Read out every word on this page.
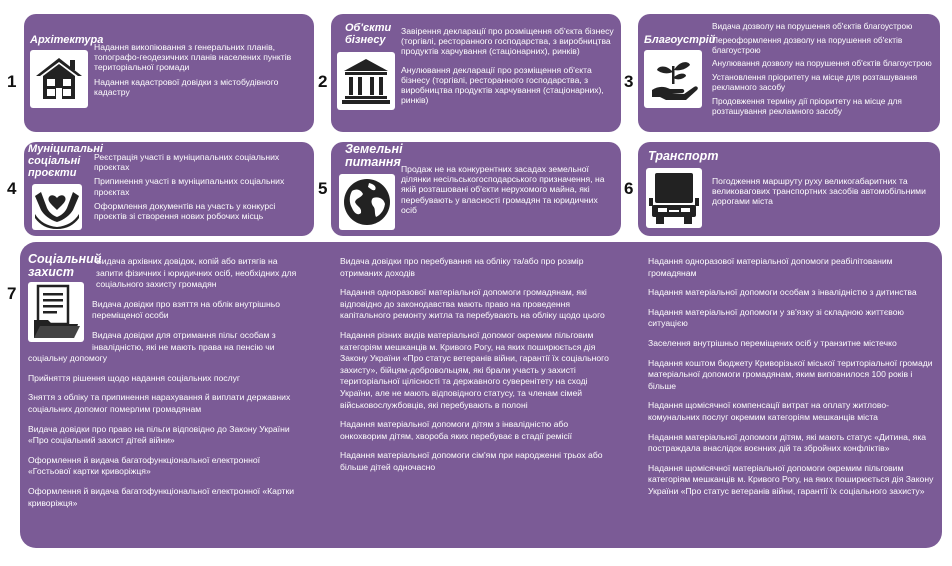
1
Архітектура

Надання викопіювання з генеральних планів, топографо-геодезичних планів населених пунктів територіальної громади

Надання кадастрової довідки з містобудівного кадастру

2
Об'єкти
бізнесу

Завірення декларації про розміщення об'єкта бізнесу (торгівлі, ресторанного господарства, з виробництва продуктів харчування (стаціонарних), ринків)

Анулювання декларації про розміщення об'єкта бізнесу (торгівлі, ресторанного господарства, з виробництва продуктів харчування (стаціонарних), ринків)

3
Благоустрій

Видача дозволу на порушення об'єктів благоустрою

Переоформлення дозволу на порушення об'єктів благоустрою

Анулювання дозволу на порушення об'єктів благоустрою

Установлення пріоритету на місце для розташування рекламного засобу

Продовження терміну дії пріоритету на місце для розташування рекламного засобу

4
Муніципальні
соціальні
проєкти

Реєстрація участі в муніципальних соціальних проєктах

Припинення участі в муніципальних соціальних проєктах

Оформлення документів на участь у конкурсі проєктів зі створення нових робочих місць

5
Земельні
питання Продаж не на конкурентних засадах земельної ділянки несільськогосподарського призначення, на якій розташовані об'єкти нерухомого майна, які перебувають у власності громадян та юридичних осіб

6
Транспорт

Погодження маршруту руху великогабаритних та великовагових транспортних засобів автомобільними дорогами міста

7
Соціальний
захист

Видача архівних довідок, копій або витягів на запити фізичних і юридичних осіб, необхідних для соціального захисту громадян

Видача довідки про взяття на облік внутрішньо переміщеної особи

Видача довідки для отримання пільг особам з інвалідністю, які не мають права на пенсію чи соціальну допомогу

Прийняття рішення щодо надання соціальних послуг

Зняття з обліку та припинення нарахування й виплати державних соціальних допомог померлим громадянам

Видача довідки про право на пільги відповідно до Закону України «Про соціальний захист дітей війни»

Оформлення й видача багатофункціональної електронної «Гостьової картки криворіжця»

Оформлення й видача багатофункціональної електронної «Картки криворіжця»

Видача довідки про перебування на обліку та/або про розмір отриманих доходів

Надання одноразової матеріальної допомоги громадянам, які відповідно до законодавства мають право на проведення капітального ремонту житла та перебувають на обліку щодо цього

Надання різних видів матеріальної допомог окремим пільговим категоріям мешканців м. Кривого Рогу, на яких поширюється дія Закону України «Про статус ветеранів війни, гарантії їх соціального захисту», бійцям-добровольцям, які брали участь у захисті територіальної цілісності та державного суверенітету на сході України, але не мають відповідного статусу, та членам сімей військовослужбовців, які перебувають в полоні

Надання матеріальної допомоги дітям з інвалідністю або онкохворим дітям, хвороба яких перебуває в стадії ремісії

Надання матеріальної допомоги сім'ям при народженні трьох або більше дітей одночасно

Надання одноразової матеріальної допомоги реабілітованим громадянам

Надання матеріальної допомоги особам з інвалідністю з дитинства

Надання матеріальної допомоги у зв'язку зі складною життєвою ситуацією

Заселення внутрішньо переміщених осіб у транзитне містечко

Надання коштом бюджету Криворізької міської територіальної громади матеріальної допомоги громадянам, яким виповнилося 100 років і більше

Надання щомісячної компенсації витрат на оплату житлово-комунальних послуг окремим категоріям мешканців міста

Надання матеріальної допомоги дітям, які мають статус «Дитина, яка постраждала внаслідок воєнних дій та збройних конфліктів»

Надання щомісячної матеріальної допомоги окремим пільговим категоріям мешканців м. Кривого Рогу, на яких поширюється дія Закону України «Про статус ветеранів війни, гарантії їх соціального захисту»
